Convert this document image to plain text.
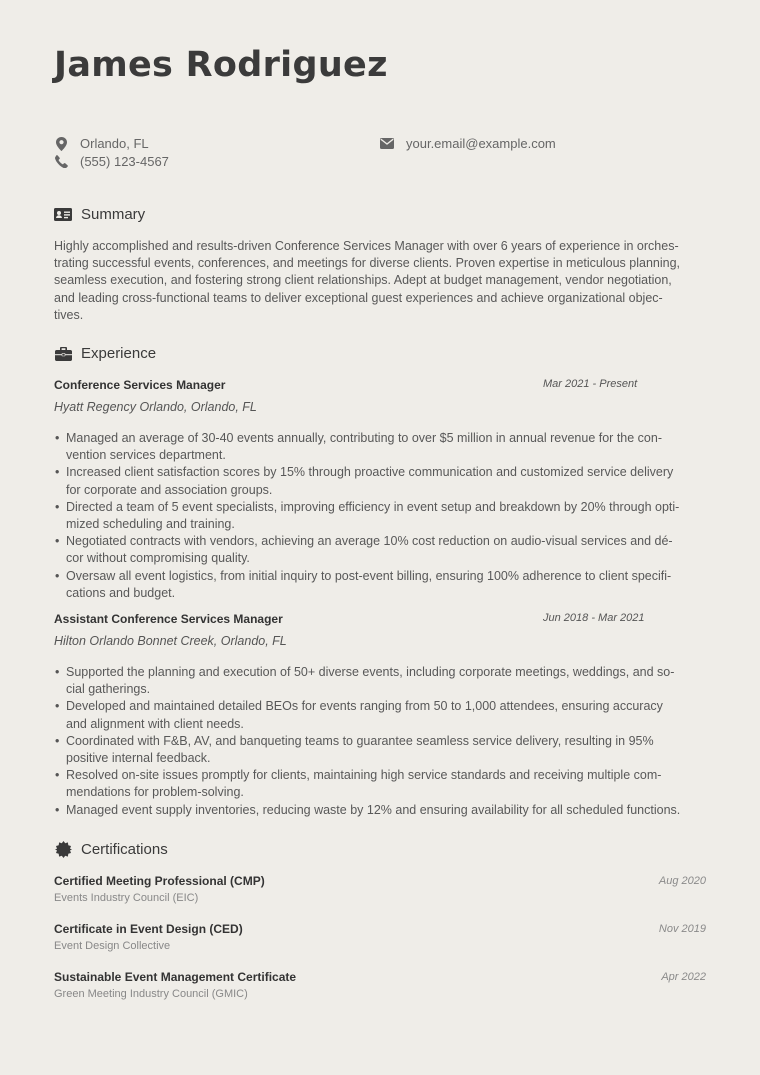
James Rodriguez
Orlando, FL
(555) 123-4567
your.email@example.com
Summary
Highly accomplished and results-driven Conference Services Manager with over 6 years of experience in orches-
trating successful events, conferences, and meetings for diverse clients. Proven expertise in meticulous planning,
seamless execution, and fostering strong client relationships. Adept at budget management, vendor negotiation,
and leading cross-functional teams to deliver exceptional guest experiences and achieve organizational objec-
tives.
Experience
Conference Services Manager	Mar 2021 - Present
Hyatt Regency Orlando, Orlando, FL
• Managed an average of 30-40 events annually, contributing to over $5 million in annual revenue for the con-
vention services department.
• Increased client satisfaction scores by 15% through proactive communication and customized service delivery
for corporate and association groups.
• Directed a team of 5 event specialists, improving efficiency in event setup and breakdown by 20% through opti-
mized scheduling and training.
• Negotiated contracts with vendors, achieving an average 10% cost reduction on audio-visual services and dé-
cor without compromising quality.
• Oversaw all event logistics, from initial inquiry to post-event billing, ensuring 100% adherence to client specifi-
cations and budget.
Assistant Conference Services Manager	Jun 2018 - Mar 2021
Hilton Orlando Bonnet Creek, Orlando, FL
• Supported the planning and execution of 50+ diverse events, including corporate meetings, weddings, and so-
cial gatherings.
• Developed and maintained detailed BEOs for events ranging from 50 to 1,000 attendees, ensuring accuracy
and alignment with client needs.
• Coordinated with F&B, AV, and banqueting teams to guarantee seamless service delivery, resulting in 95%
positive internal feedback.
• Resolved on-site issues promptly for clients, maintaining high service standards and receiving multiple com-
mendations for problem-solving.
• Managed event supply inventories, reducing waste by 12% and ensuring availability for all scheduled functions.
Certifications
Certified Meeting Professional (CMP)	Aug 2020
Events Industry Council (EIC)
Certificate in Event Design (CED)	Nov 2019
Event Design Collective
Sustainable Event Management Certificate	Apr 2022
Green Meeting Industry Council (GMIC)
